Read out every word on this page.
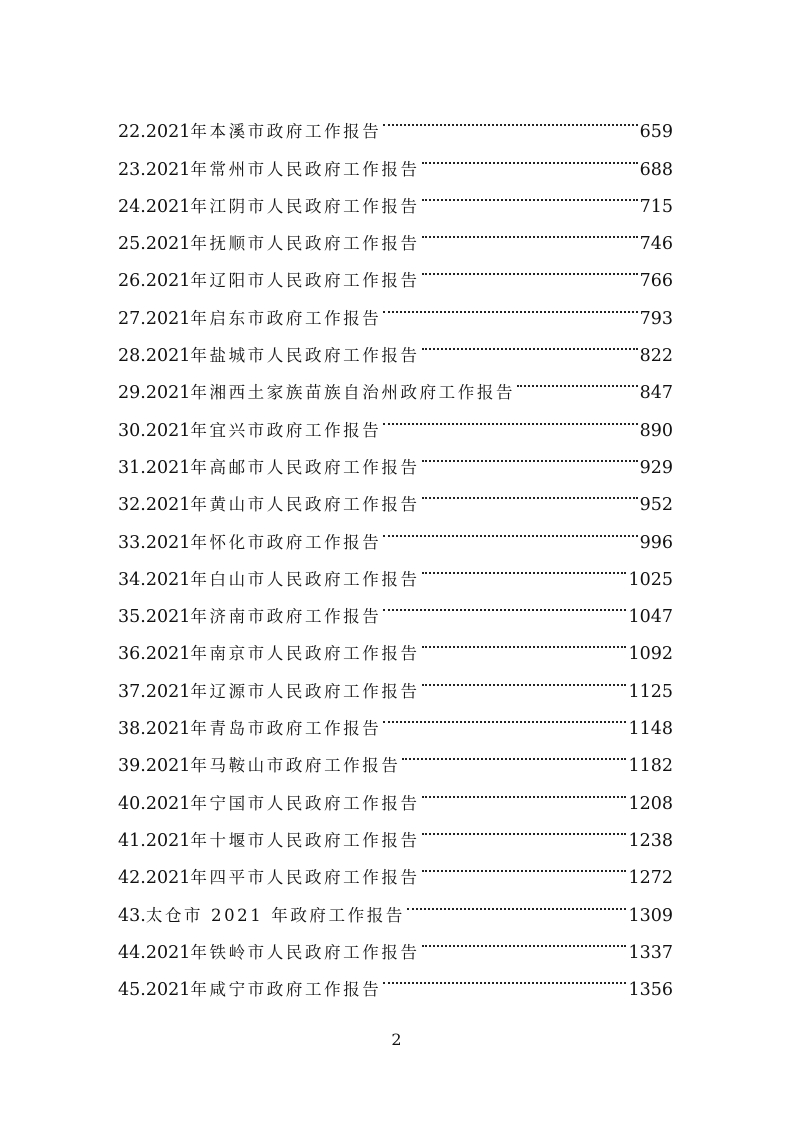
22.2021 年本溪市政府工作报告	659
23.2021 年常州市人民政府工作报告	688
24.2021 年江阴市人民政府工作报告	715
25.2021 年抚顺市人民政府工作报告	746
26.2021 年辽阳市人民政府工作报告	766
27.2021 年启东市政府工作报告	793
28.2021 年盐城市人民政府工作报告	822
29.2021 年湘西土家族苗族自治州政府工作报告	847
30.2021 年宜兴市政府工作报告	890
31.2021 年高邮市人民政府工作报告	929
32.2021 年黄山市人民政府工作报告	952
33.2021 年怀化市政府工作报告	996
34.2021 年白山市人民政府工作报告	1025
35.2021 年济南市政府工作报告	1047
36.2021 年南京市人民政府工作报告	1092
37.2021 年辽源市人民政府工作报告	1125
38.2021 年青岛市政府工作报告	1148
39.2021 年马鞍山市政府工作报告	1182
40.2021 年宁国市人民政府工作报告	1208
41.2021 年十堰市人民政府工作报告	1238
42.2021 年四平市人民政府工作报告	1272
43. 太仓市 2021 年政府工作报告	1309
44.2021 年铁岭市人民政府工作报告	1337
45.2021 年咸宁市政府工作报告	1356
2
